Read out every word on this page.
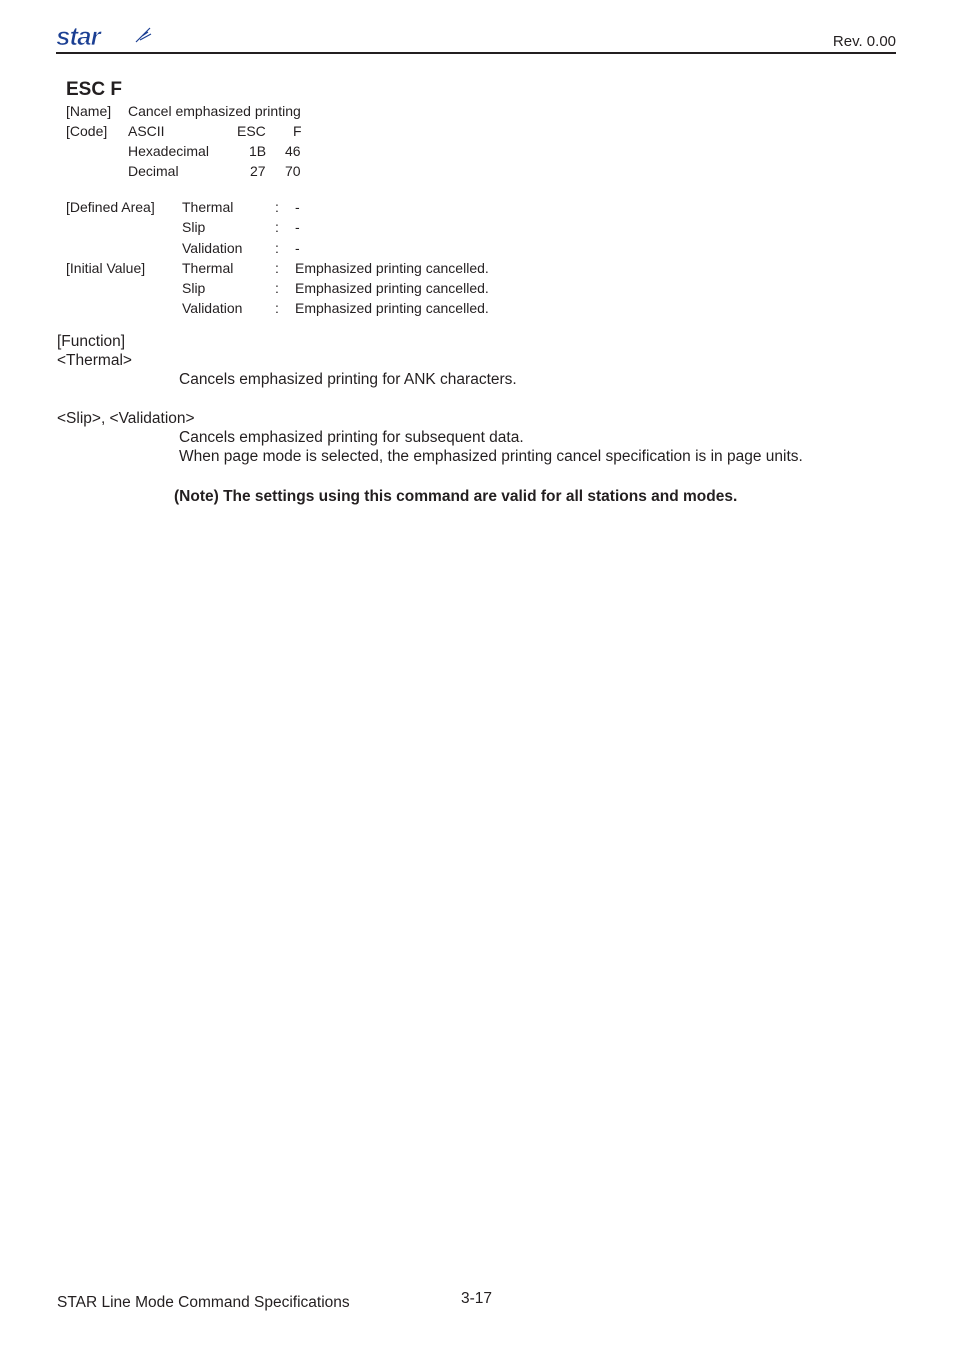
star	Rev. 0.00
ESC F
[Name] Cancel emphasized printing
[Code] ASCII	ESC F
Hexadecimal	1B 46
Decimal	27 70
[Defined Area] Thermal	: -
Slip	: -
Validation : -
[Initial Value]	Thermal	: Emphasized printing cancelled.
Slip	: Emphasized printing cancelled.
Validation : Emphasized printing cancelled.
[Function]
<Thermal>
Cancels emphasized printing for ANK characters.
<Slip>, <Validation>
Cancels emphasized printing for subsequent data.
When page mode is selected, the emphasized printing cancel specification is in page units.
(Note) The settings using this command are valid for all stations and modes.
STAR Line Mode Command Specifications	3-17
